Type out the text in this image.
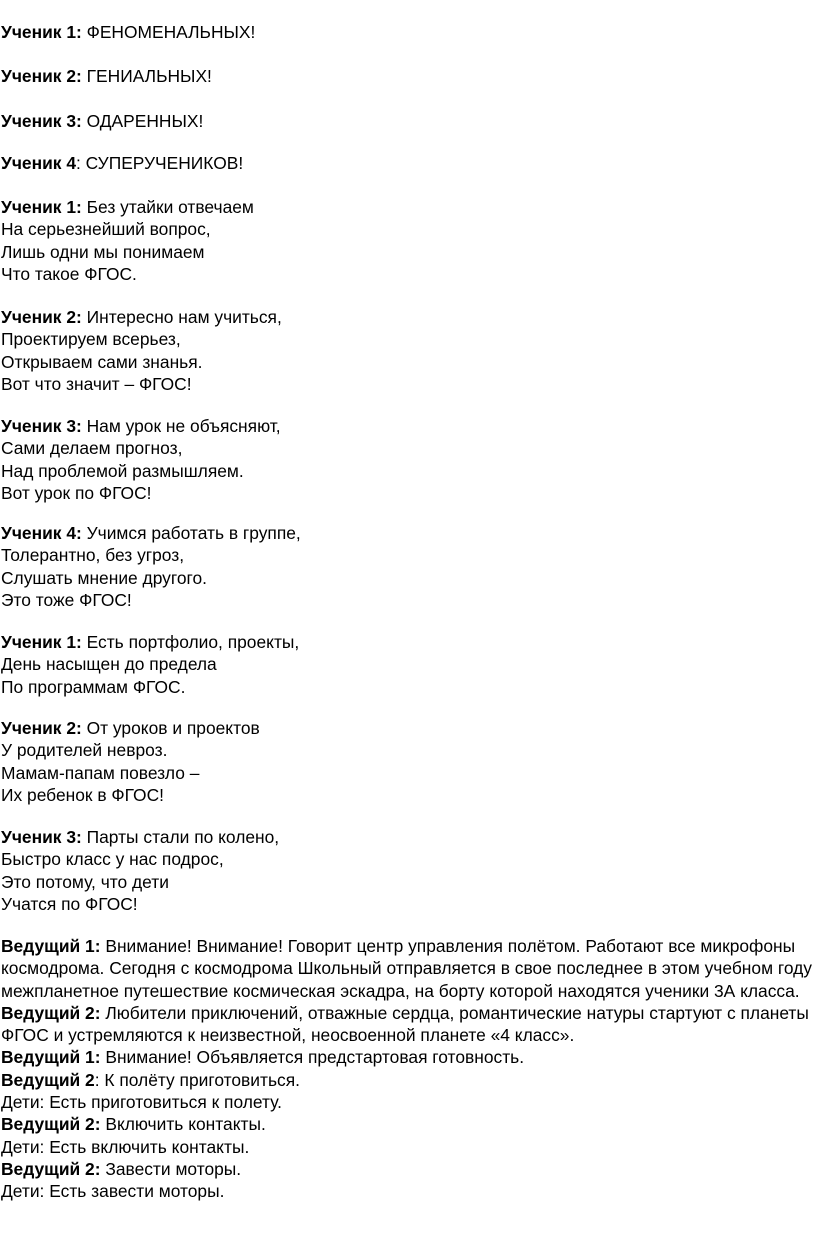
Ученик 1: ФЕНОМЕНАЛЬНЫХ!

Ученик 2: ГЕНИАЛЬНЫХ!

Ученик 3: ОДАРЕННЫХ!

Ученик 4: СУПЕРУЧЕНИКОВ!

Ученик 1: Без утайки отвечаем
На серьезнейший вопрос,
Лишь одни мы понимаем
Что такое ФГОС.
Ученик 2: Интересно нам учиться,
Проектируем всерьез,
Открываем сами знанья.
Вот что значит – ФГОС!
Ученик 3: Нам урок не объясняют,
Сами делаем прогноз,
Над проблемой размышляем.
Вот урок по ФГОС!
Ученик 4: Учимся работать в группе,
Толерантно, без угроз,
Слушать мнение другого.
Это тоже ФГОС!
Ученик 1: Есть портфолио, проекты,
День насыщен до предела
По программам ФГОС.
Ученик 2: От уроков и проектов
У родителей невроз.
Мамам-папам повезло –
Их ребенок в ФГОС!
Ученик 3: Парты стали по колено,
Быстро класс у нас подрос,
Это потому, что дети
Учатся по ФГОС!

Ведущий 1: Внимание! Внимание! Говорит центр управления полётом. Работают все микрофоны космодрома. Сегодня с космодрома Школьный отправляется в свое последнее в этом учебном году межпланетное путешествие космическая эскадра, на борту которой находятся ученики 3А класса.

Ведущий 2: Любители приключений, отважные сердца, романтические натуры стартуют с планеты ФГОС и устремляются к неизвестной, неосвоенной планете «4 класс».

Ведущий 1: Внимание! Объявляется предстартовая готовность.

Ведущий 2: К полёту приготовиться.

Дети: Есть приготовиться к полету.

Ведущий 2: Включить контакты.

Дети: Есть включить контакты.

Ведущий 2: Завести моторы.

Дети: Есть завести моторы.
